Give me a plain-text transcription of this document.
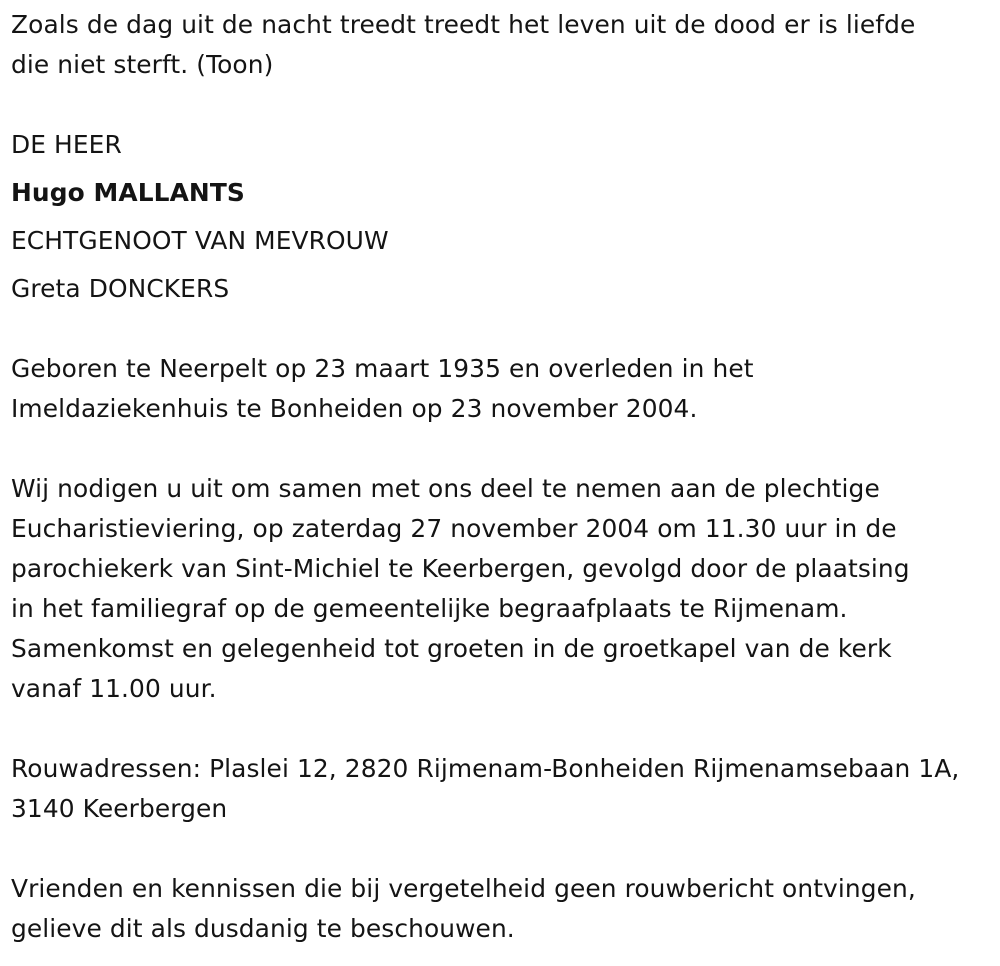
Zoals de dag uit de nacht treedt treedt het leven uit de dood er is liefde
die niet sterft. (Toon)

DE HEER
Hugo MALLANTS
ECHTGENOOT VAN MEVROUW
Greta DONCKERS

Geboren te Neerpelt op 23 maart 1935 en overleden in het
Imeldaziekenhuis te Bonheiden op 23 november 2004.

Wij nodigen u uit om samen met ons deel te nemen aan de plechtige
Eucharistieviering, op zaterdag 27 november 2004 om 11.30 uur in de
parochiekerk van Sint-Michiel te Keerbergen, gevolgd door de plaatsing
in het familiegraf op de gemeentelijke begraafplaats te Rijmenam.
Samenkomst en gelegenheid tot groeten in de groetkapel van de kerk
vanaf 11.00 uur.

Rouwadressen: Plaslei 12, 2820 Rijmenam-Bonheiden Rijmenamsebaan 1A,
3140 Keerbergen

Vrienden en kennissen die bij vergetelheid geen rouwbericht ontvingen,
gelieve dit als dusdanig te beschouwen.
